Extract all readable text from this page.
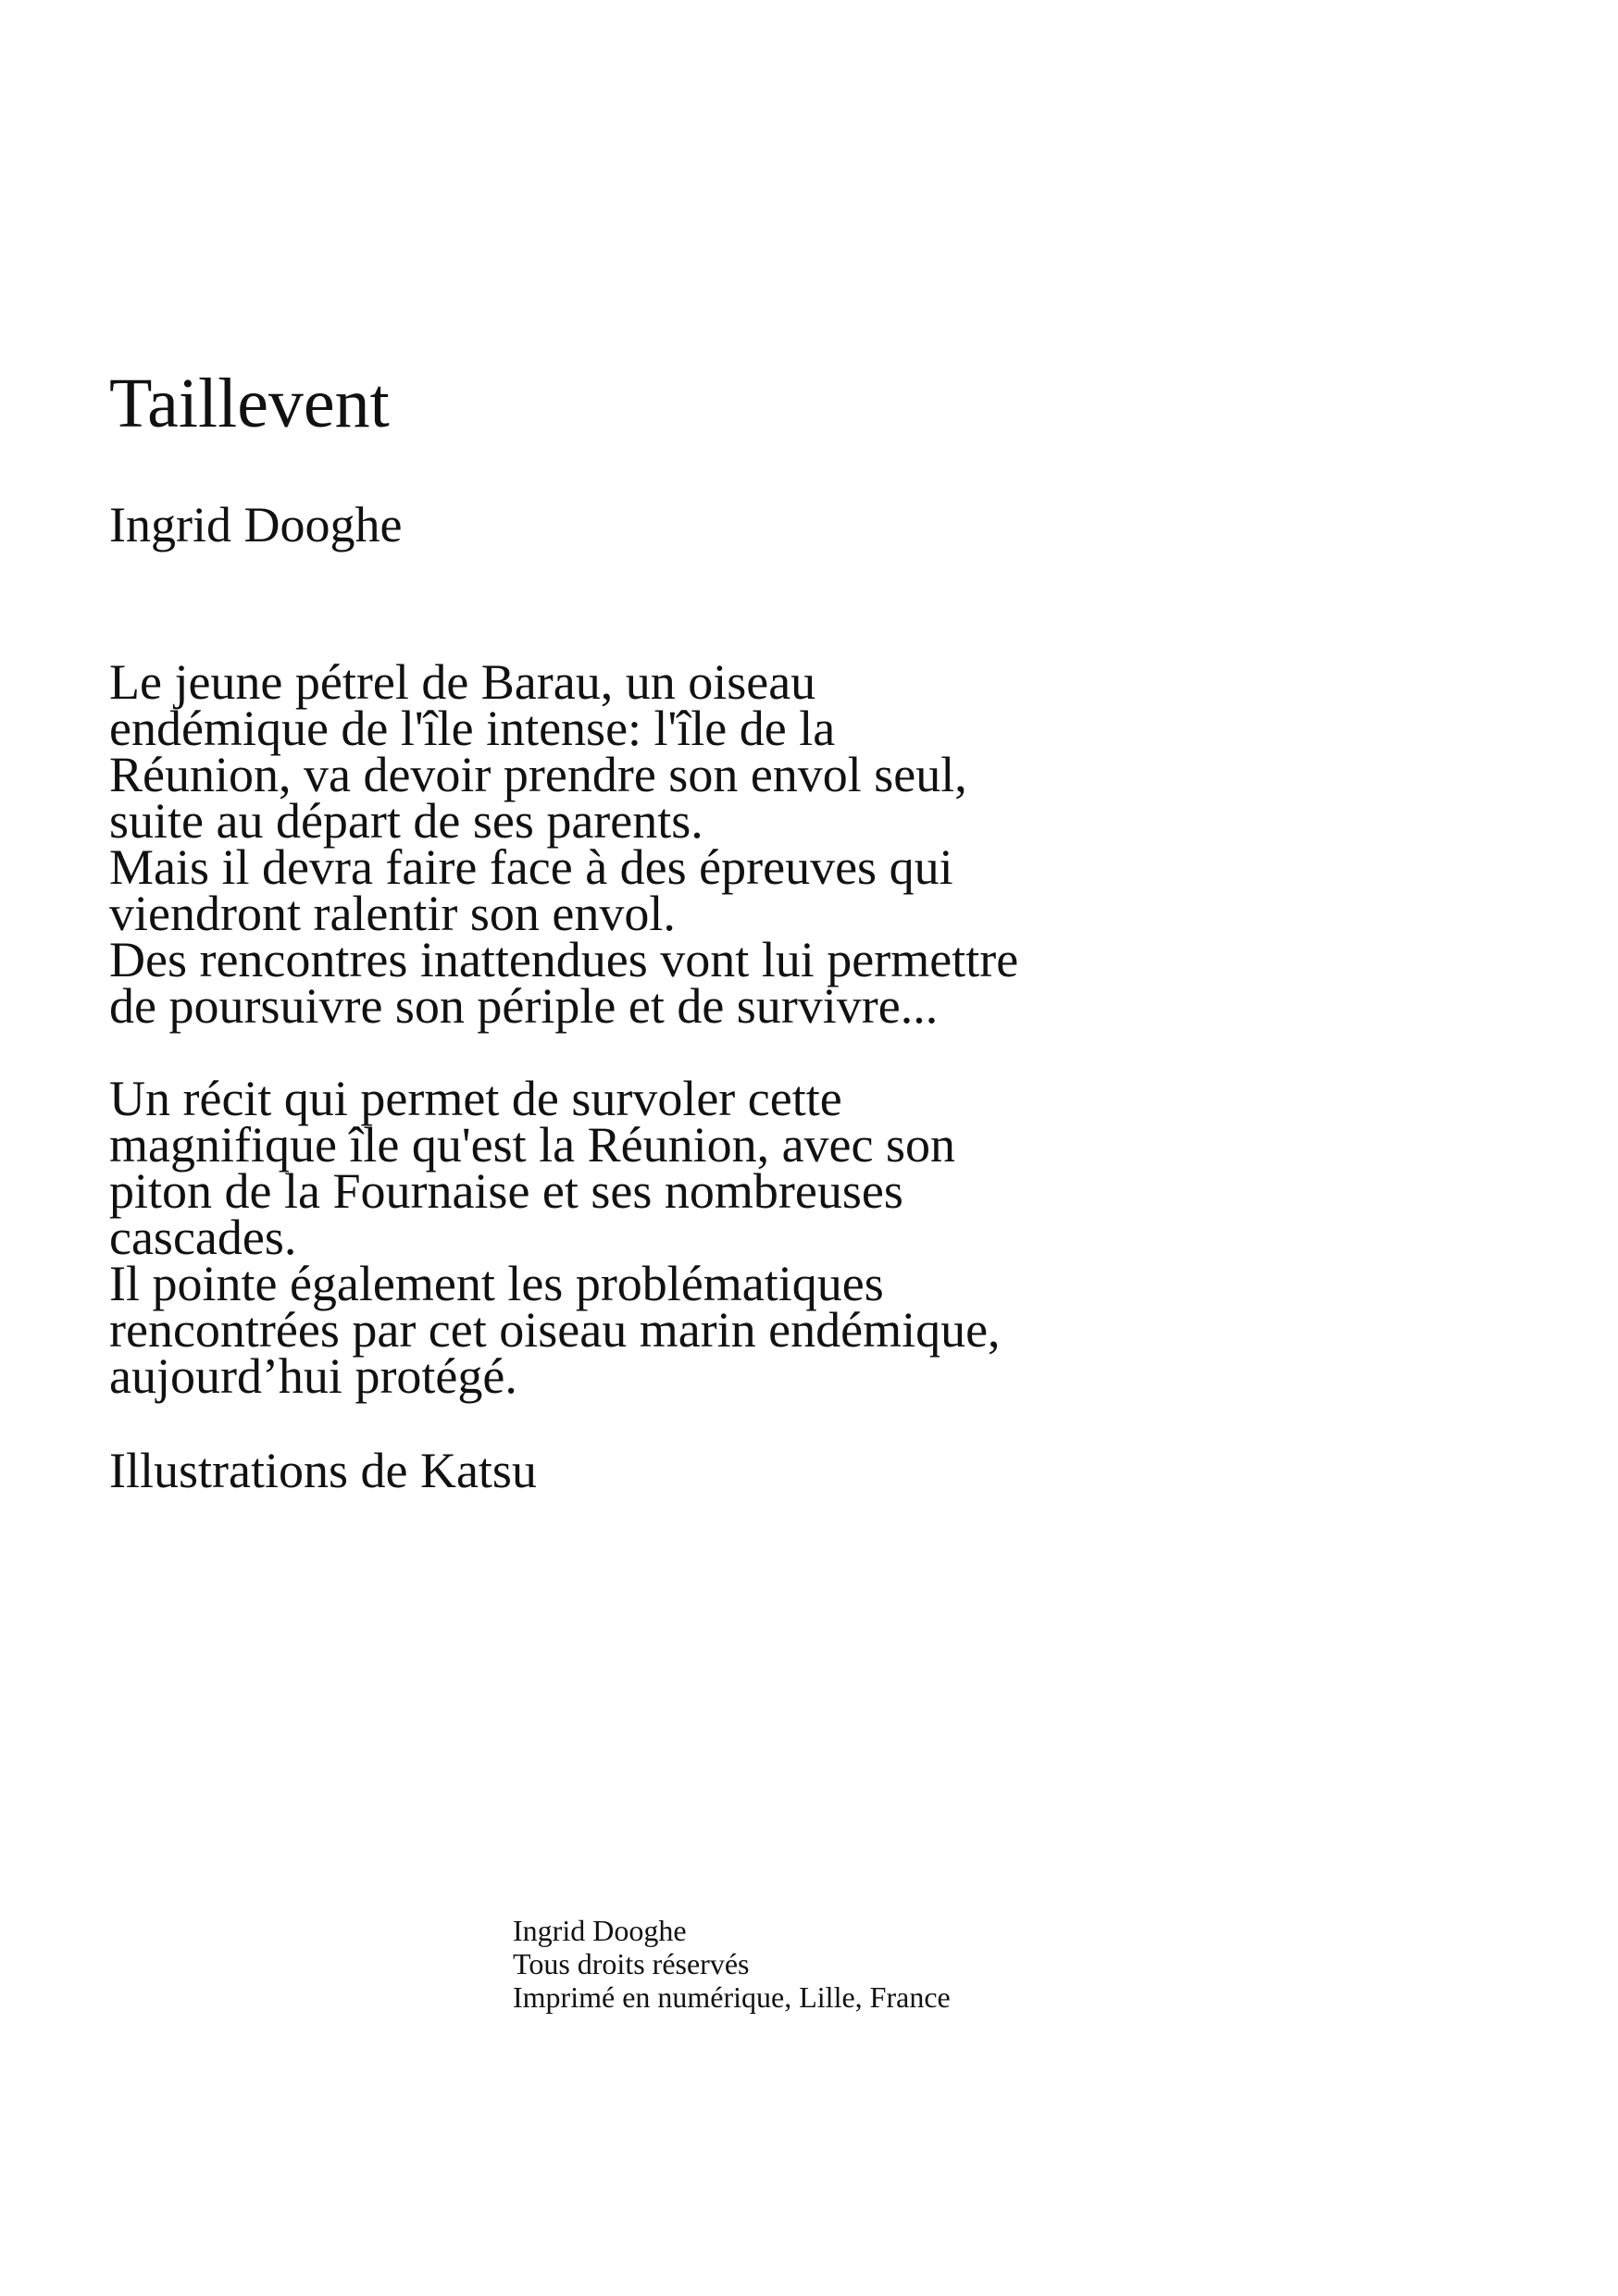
Taillevent
Ingrid Dooghe
Le jeune pétrel de Barau, un oiseau
endémique de l'île intense: l'île de la
Réunion, va devoir prendre son envol seul,
suite au départ de ses parents.
Mais il devra faire face à des épreuves qui
viendront ralentir son envol.
Des rencontres inattendues vont lui permettre
de poursuivre son périple et de survivre...
Un récit qui permet de survoler cette
magnifique île qu'est la Réunion, avec son
piton de la Fournaise et ses nombreuses
cascades.
Il pointe également les problématiques
rencontrées par cet oiseau marin endémique,
aujourd’hui protégé.
Illustrations de Katsu
Ingrid Dooghe
Tous droits réservés
Imprimé en numérique, Lille, France
